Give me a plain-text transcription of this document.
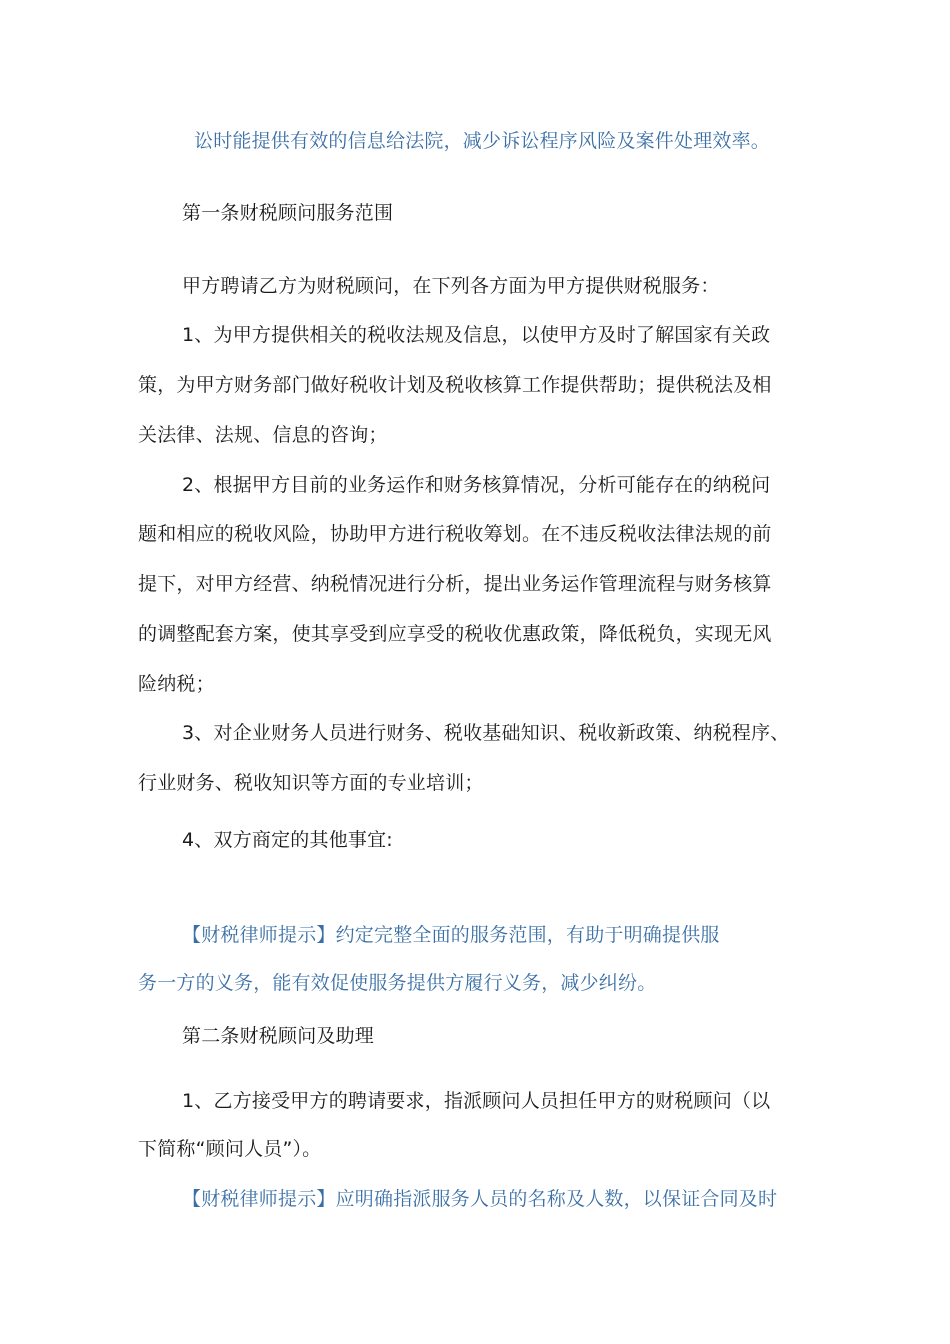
讼时能提供有效的信息给法院，减少诉讼程序风险及案件处理效率。
第一条财税顾问服务范围
甲方聘请乙方为财税顾问，在下列各方面为甲方提供财税服务：
1、为甲方提供相关的税收法规及信息，以使甲方及时了解国家有关政
策，为甲方财务部门做好税收计划及税收核算工作提供帮助；提供税法及相
关法律、法规、信息的咨询；
2、根据甲方目前的业务运作和财务核算情况，分析可能存在的纳税问
题和相应的税收风险，协助甲方进行税收筹划。在不违反税收法律法规的前
提下，对甲方经营、纳税情况进行分析，提出业务运作管理流程与财务核算
的调整配套方案，使其享受到应享受的税收优惠政策，降低税负，实现无风
险纳税；
3、对企业财务人员进行财务、税收基础知识、税收新政策、纳税程序、
行业财务、税收知识等方面的专业培训；
4、双方商定的其他事宜:
【财税律师提示】约定完整全面的服务范围，有助于明确提供服
务一方的义务，能有效促使服务提供方履行义务，减少纠纷。
第二条财税顾问及助理
1、乙方接受甲方的聘请要求，指派顾问人员担任甲方的财税顾问（以
下简称“顾问人员”）。
【财税律师提示】应明确指派服务人员的名称及人数，以保证合同及时
